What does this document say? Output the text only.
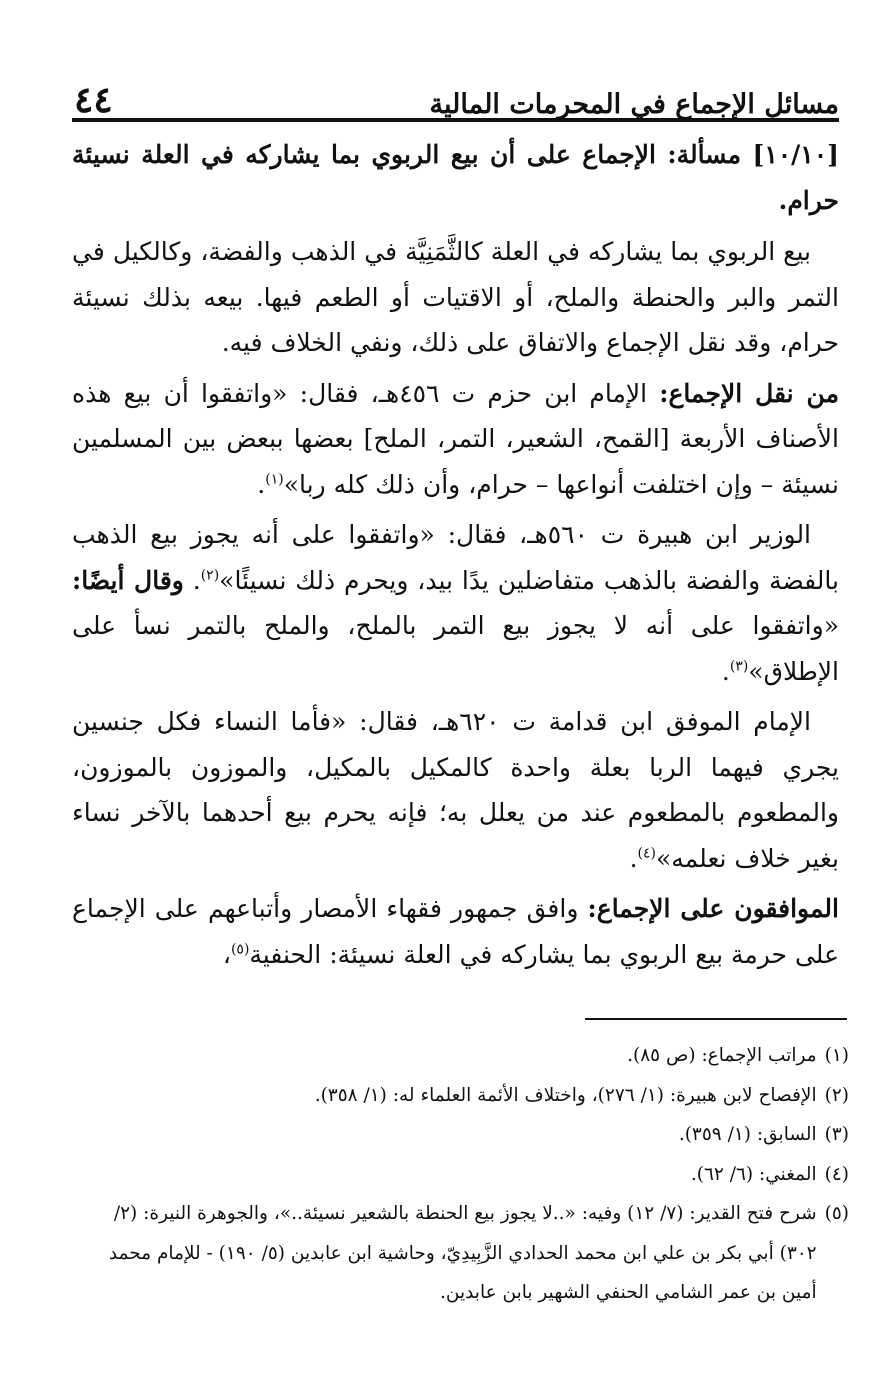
مسائل الإجماع في المحرمات المالية
٤٤

[١٠/١٠] مسألة: الإجماع على أن بيع الربوي بما يشاركه في العلة نسيئة حرام.

بيع الربوي بما يشاركه في العلة كالثَّمَنِيَّة في الذهب والفضة، وكالكيل في التمر والبر والحنطة والملح، أو الاقتيات أو الطعم فيها. بيعه بذلك نسيئة حرام، وقد نقل الإجماع والاتفاق على ذلك، ونفي الخلاف فيه.

من نقل الإجماع: الإمام ابن حزم ت ٤٥٦هـ، فقال: «واتفقوا أن بيع هذه الأصناف الأربعة [القمح، الشعير، التمر، الملح] بعضها ببعض بين المسلمين نسيئة – وإن اختلفت أنواعها – حرام، وأن ذلك كله ربا»$^{(١)}$.

الوزير ابن هبيرة ت ٥٦٠هـ، فقال: «واتفقوا على أنه يجوز بيع الذهب بالفضة والفضة بالذهب متفاضلين يدًا بيد، ويحرم ذلك نسيئًا»$^{(٢)}$. وقال أيضًا: «واتفقوا على أنه لا يجوز بيع التمر بالملح، والملح بالتمر نسأ على الإطلاق»$^{(٣)}$.

الإمام الموفق ابن قدامة ت ٦٢٠هـ، فقال: «فأما النساء فكل جنسين يجري فيهما الربا بعلة واحدة كالمكيل بالمكيل، والموزون بالموزون، والمطعوم بالمطعوم عند من يعلل به؛ فإنه يحرم بيع أحدهما بالآخر نساء بغير خلاف نعلمه»$^{(٤)}$.

الموافقون على الإجماع: وافق جمهور فقهاء الأمصار وأتباعهم على الإجماع على حرمة بيع الربوي بما يشاركه في العلة نسيئة: الحنفية$^{(٥)}$،

(١)
مراتب الإجماع: (ص ٨٥).
(٢)
الإفصاح لابن هبيرة: (١/ ٢٧٦)، واختلاف الأئمة العلماء له: (١/ ٣٥٨).
(٣)
السابق: (١/ ٣٥٩).
(٤)
المغني: (٦/ ٦٢).
(٥)
شرح فتح القدير: (٧/ ١٢) وفيه: «..لا يجوز بيع الحنطة بالشعير نسيئة..»، والجوهرة النيرة: (٢/ ٣٠٢) أبي بكر بن علي ابن محمد الحدادي الزَّبِيدِيّ، وحاشية ابن عابدين (٥/ ١٩٠) - للإمام محمد أمين بن عمر الشامي الحنفي الشهير بابن عابدين.
